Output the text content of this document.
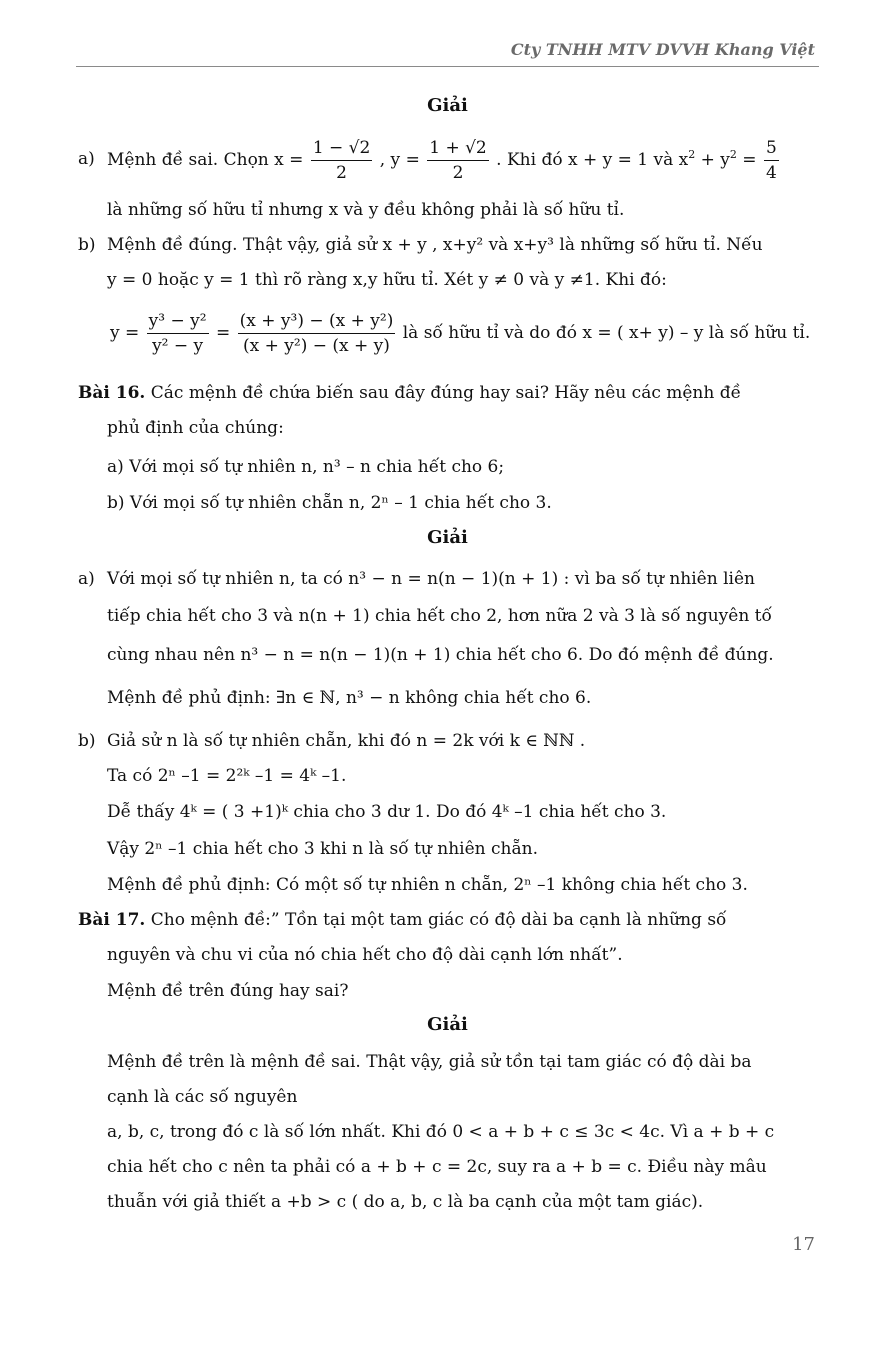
Cty TNHH MTV DVVH Khang Việt
Giải
a) Mệnh đề sai. Chọn $x = \frac{1 - √2}{2}$ , $y = \frac{1 + √2}{2}$ . Khi đó x + y = 1 và $x^2 + y^2 = \frac{5}{4}$
là những số hữu tỉ nhưng x và y đều không phải là số hữu tỉ.
b) Mệnh đề đúng. Thật vậy, giả sử x + y , x+y² và x+y³ là những số hữu tỉ. Nếu
y = 0 hoặc y = 1 thì rõ ràng x,y hữu tỉ. Xét y ≠ 0 và y ≠1. Khi đó:
$y = \frac{\text{y³ − y²}}{\text{y² − y}} = \frac{\text{(x + y³) − (x + y²)}}{\text{(x + y²) − (x + y)}}$ là số hữu tỉ và do đó x = ( x+ y) – y là số hữu tỉ.
Bài 16. Các mệnh đề chứa biến sau đây đúng hay sai? Hãy nêu các mệnh đề
phủ định của chúng:
a) Với mọi số tự nhiên n, n³ – n chia hết cho 6;
b) Với mọi số tự nhiên chẵn n, 2ⁿ – 1 chia hết cho 3.
Giải
a) Với mọi số tự nhiên n, ta có n³ − n = n(n − 1)(n + 1) : vì ba số tự nhiên liên
tiếp chia hết cho 3 và n(n + 1) chia hết cho 2, hơn nữa 2 và 3 là số nguyên tố
cùng nhau nên n³ − n = n(n − 1)(n + 1) chia hết cho 6. Do đó mệnh đề đúng.
Mệnh đề phủ định: ∃n ∈ ℕ, n³ − n không chia hết cho 6.
b) Giả sử n là số tự nhiên chẵn, khi đó n = 2k với k ∈ ℕℕ .
Ta có 2ⁿ –1 = 2²ᵏ –1 = 4ᵏ –1.
Dễ thấy 4ᵏ = ( 3 +1)ᵏ chia cho 3 dư 1. Do đó 4ᵏ –1 chia hết cho 3.
Vậy 2ⁿ –1 chia hết cho 3 khi n là số tự nhiên chẵn.
Mệnh đề phủ định: Có một số tự nhiên n chẵn, 2ⁿ –1 không chia hết cho 3.
Bài 17. Cho mệnh đề:” Tồn tại một tam giác có độ dài ba cạnh là những số
nguyên và chu vi của nó chia hết cho độ dài cạnh lớn nhất”.
Mệnh đề trên đúng hay sai?
Giải
Mệnh đề trên là mệnh đề sai. Thật vậy, giả sử tồn tại tam giác có độ dài ba
cạnh là các số nguyên
a, b, c, trong đó c là số lớn nhất. Khi đó 0 < a + b + c ≤ 3c < 4c. Vì a + b + c
chia hết cho c nên ta phải có a + b + c = 2c, suy ra a + b = c. Điều này mâu
thuẫn với giả thiết a +b > c ( do a, b, c là ba cạnh của một tam giác).
17
